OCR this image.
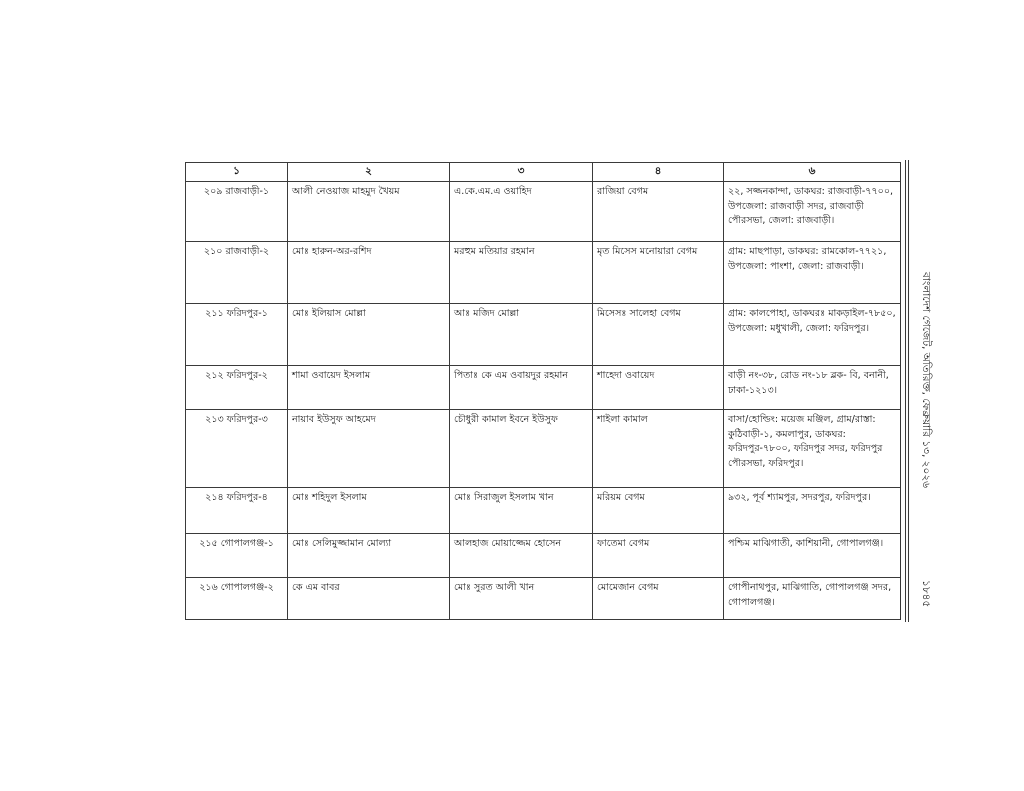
১	২	৩	৪	৬
২০৯ রাজবাড়ী-১	আলী নেওয়াজ মাহমুদ খৈয়ম	এ.কে.এম.এ ওয়াহিদ	রাজিয়া বেগম	২২, সজ্জনকান্দা, ডাকঘর: রাজবাড়ী-৭৭০০, উপজেলা: রাজবাড়ী সদর, রাজবাড়ী পৌরসভা, জেলা: রাজবাড়ী।
২১০ রাজবাড়ী-২	মোঃ হারুন-অর-রশিদ	মরহুম মতিয়ার রহমান	মৃত মিসেস মনোয়ারা বেগম	গ্রাম: মাছপাড়া, ডাকঘর: রামকোল-৭৭২১, উপজেলা: পাংশা, জেলা: রাজবাড়ী।
২১১ ফরিদপুর-১	মোঃ ইলিয়াস মোল্লা	আঃ মজিদ মোল্লা	মিসেসঃ সালেহা বেগম	গ্রাম: কালপোহা, ডাকঘরঃ মাকড়াইল-৭৮৫০, উপজেলা: মধুখালী, জেলা: ফরিদপুর।
২১২ ফরিদপুর-২	শামা ওবায়েদ ইসলাম	পিতাঃ কে এম ওবায়দুর রহমান	শাহেদা ওবায়েদ	বাড়ী নং-৩৮, রোড নং-১৮ ব্লক- বি, বনানী, ঢাকা-১২১৩।
২১৩ ফরিদপুর-৩	নায়াব ইউসুফ আহমেদ	চৌধুরী কামাল ইবনে ইউসুফ	শাইলা কামাল	বাসা/হোল্ডিং: ময়েজ মঞ্জিল, গ্রাম/রাস্তা: কুঠিবাড়ী-১, কমলাপুর, ডাকঘর: ফরিদপুর-৭৮০০, ফরিদপুর সদর, ফরিদপুর পৌরসভা, ফরিদপুর।
২১৪ ফরিদপুর-৪	মোঃ শহিদুল ইসলাম	মোঃ সিরাজুল ইসলাম খান	মরিয়ম বেগম	৯৩২, পূর্ব শ্যামপুর, সদরপুর, ফরিদপুর।
২১৫ গোপালগঞ্জ-১	মোঃ সেলিমুজ্জামান মোল্যা	আলহাজ মোয়াজ্জেম হোসেন	ফাতেমা বেগম	পশ্চিম মাঝিগাতী, কাশিয়ানী, গোপালগঞ্জ।
২১৬ গোপালগঞ্জ-২	কে এম বাবর	মোঃ সুরত আলী খান	মোমেজান বেগম	গোপীনাথপুর, মাঝিগাতি, গোপালগঞ্জ সদর, গোপালগঞ্জ।
বাংলাদেশ গেজেট, অতিরিক্ত, ফেব্রুয়ারি ১৩, ২০২৬
১৮৪৫
